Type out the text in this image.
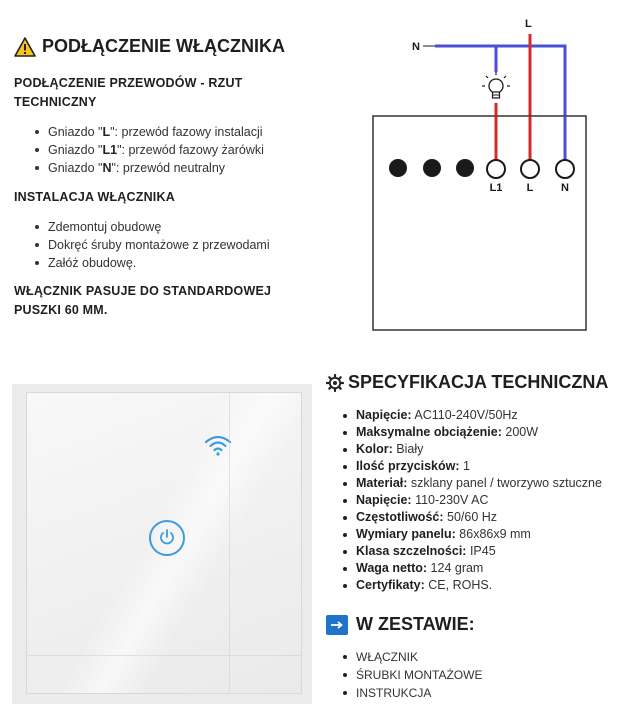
PODŁĄCZENIE WŁĄCZNIKA
PODŁĄCZENIE PRZEWODÓW - RZUT TECHNICZNY
Gniazdo "L": przewód fazowy instalacji
Gniazdo "L1": przewód fazowy żarówki
Gniazdo "N": przewód neutralny
INSTALACJA WŁĄCZNIKA
Zdemontuj obudowę
Dokręć śruby montażowe z przewodami
Załóż obudowę.
WŁĄCZNIK PASUJE DO STANDARDOWEJ PUSZKI 60 MM.
L1 L	N
N
L
SPECYFIKACJA TECHNICZNA
Napięcie: AC110-240V/50Hz
Maksymalne obciążenie: 200W
Kolor: Biały
Ilość przycisków: 1
Materiał: szklany panel / tworzywo sztuczne
Napięcie: 110-230V AC
Częstotliwość: 50/60 Hz
Wymiary panelu: 86x86x9 mm
Klasa szczelności: IP45
Waga netto: 124 gram
Certyfikaty: CE, ROHS.
W ZESTAWIE:
WŁĄCZNIK
ŚRUBKI MONTAŻOWE
INSTRUKCJA
